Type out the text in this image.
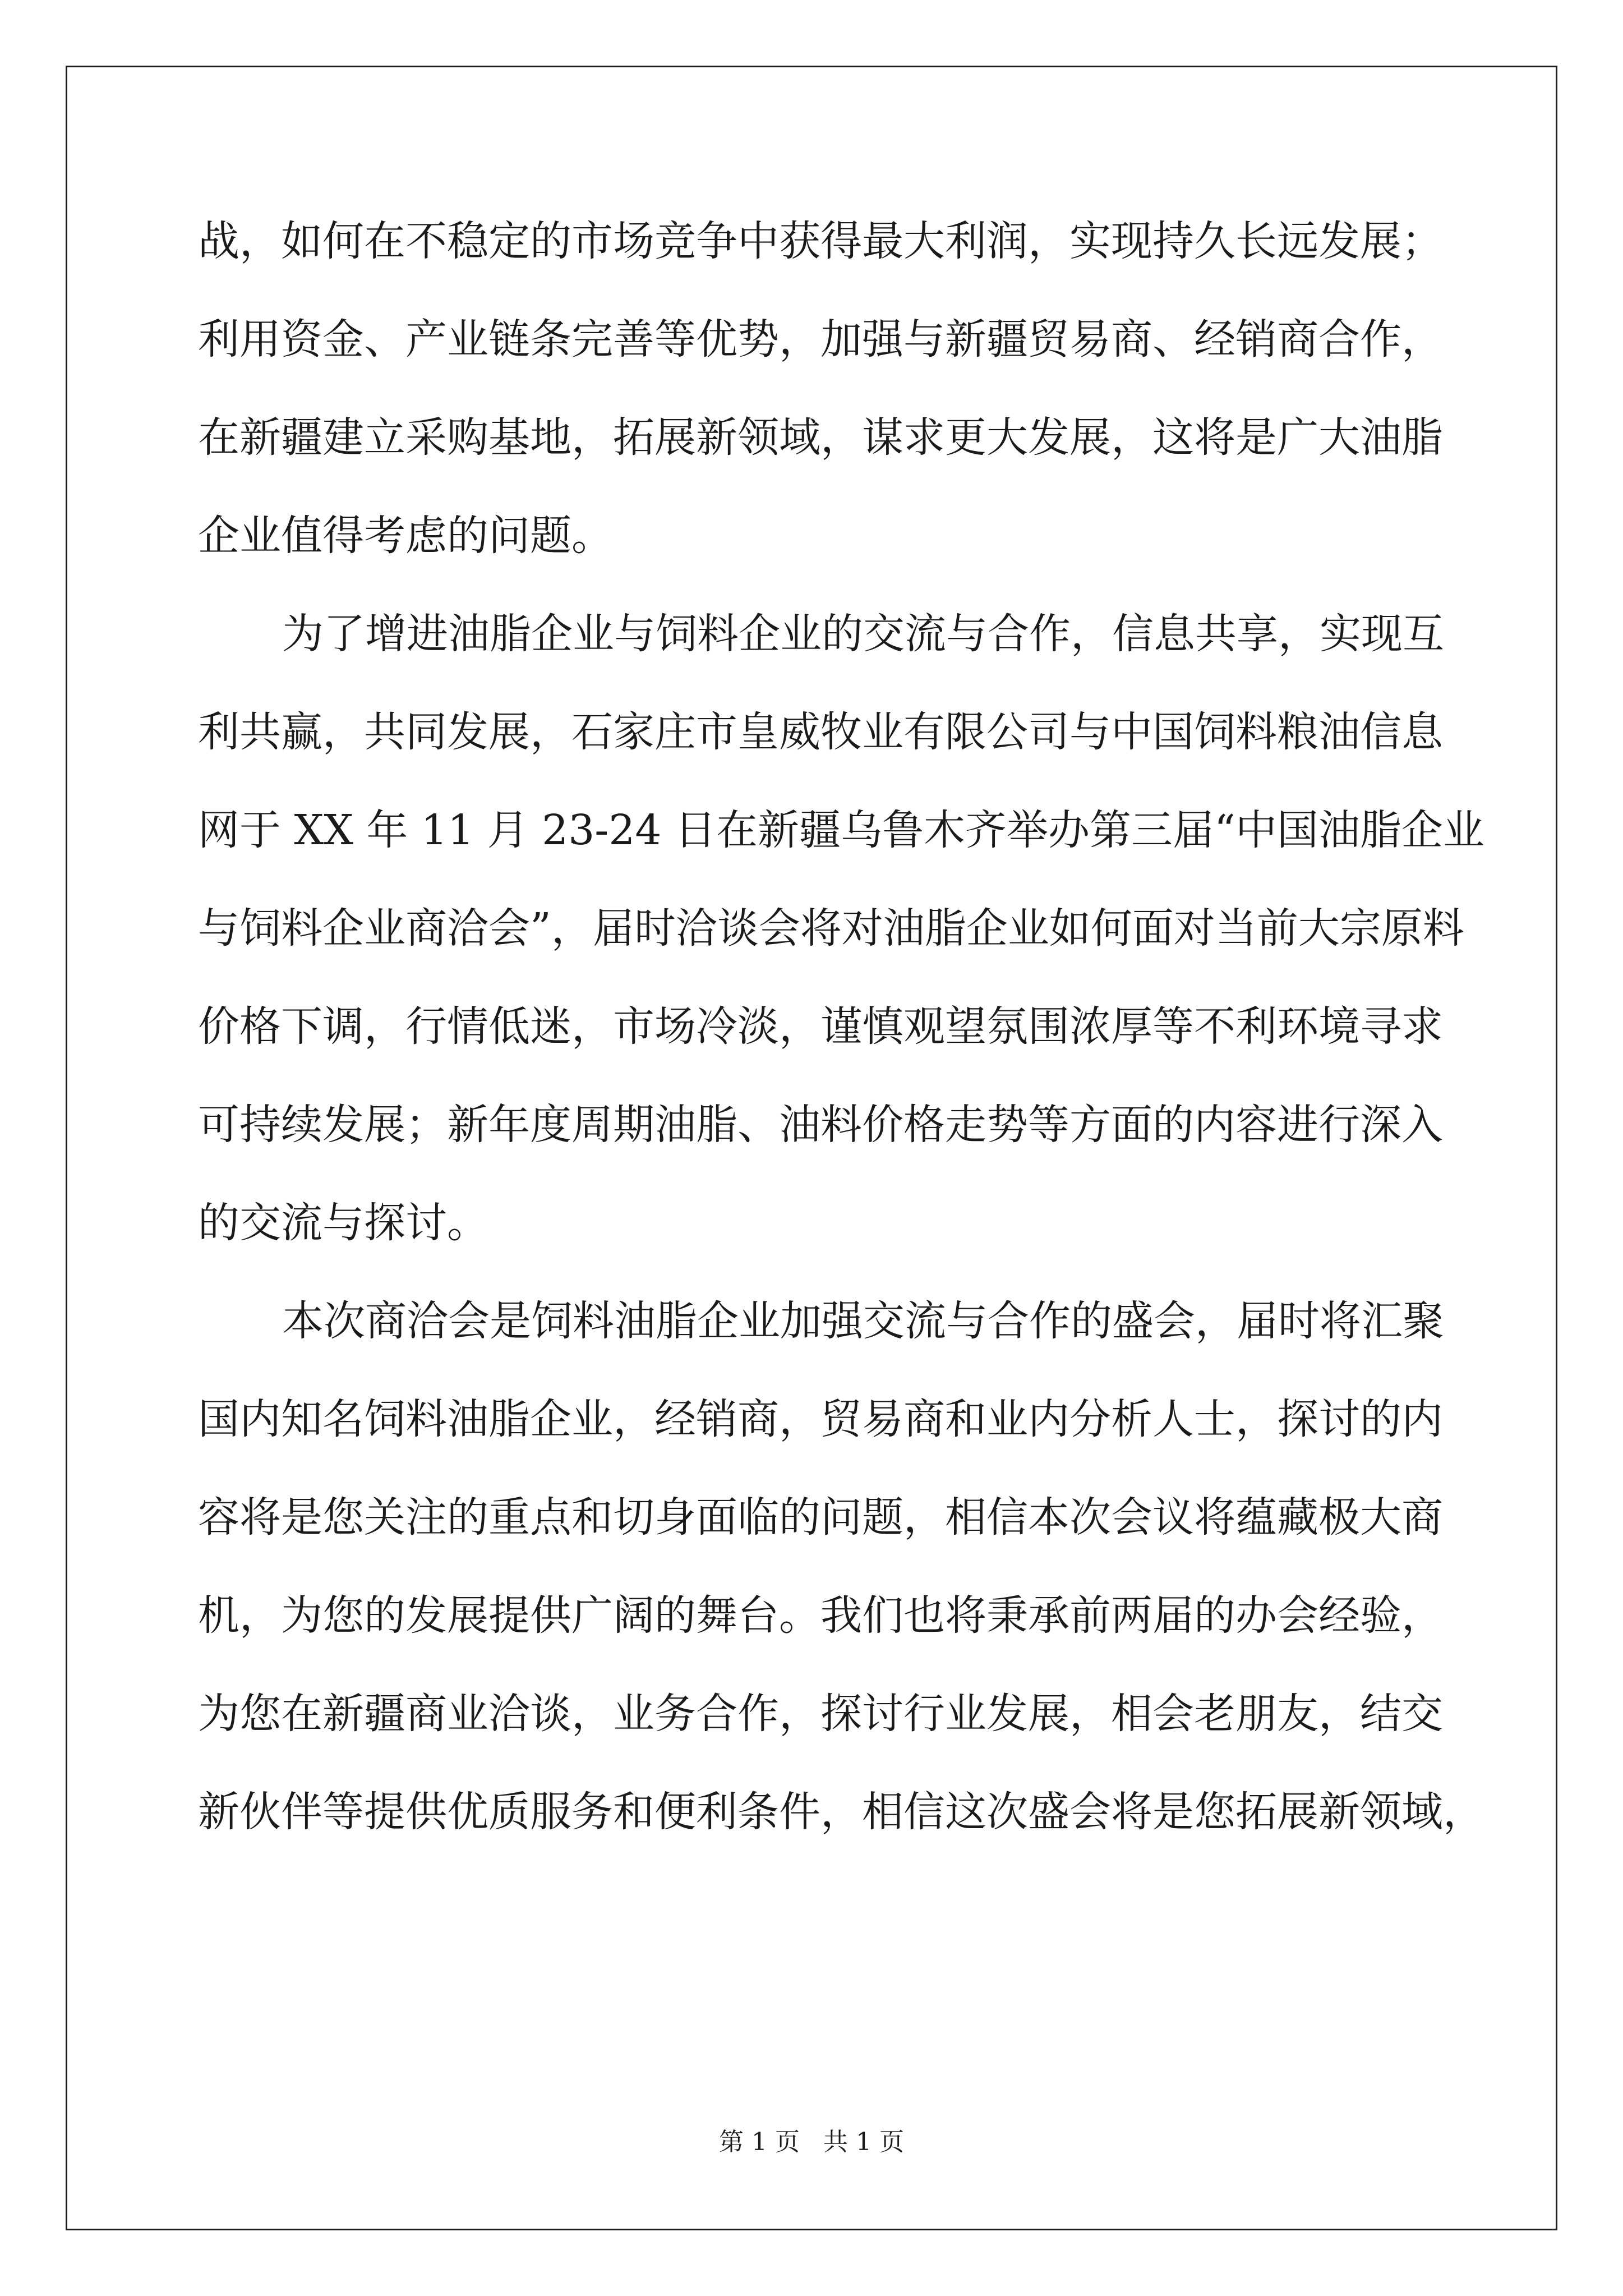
战，如何在不稳定的市场竞争中获得最大利润，实现持久长远发展；
利用资金、产业链条完善等优势，加强与新疆贸易商、经销商合作，
在新疆建立采购基地，拓展新领域，谋求更大发展，这将是广大油脂
企业值得考虑的问题。
为了增进油脂企业与饲料企业的交流与合作，信息共享，实现互
利共赢，共同发展，石家庄市皇威牧业有限公司与中国饲料粮油信息
网于 XX 年 11 月 23-24 日在新疆乌鲁木齐举办第三届“中国油脂企业
与饲料企业商洽会”，届时洽谈会将对油脂企业如何面对当前大宗原料
价格下调，行情低迷，市场冷淡，谨慎观望氛围浓厚等不利环境寻求
可持续发展；新年度周期油脂、油料价格走势等方面的内容进行深入
的交流与探讨。
本次商洽会是饲料油脂企业加强交流与合作的盛会，届时将汇聚
国内知名饲料油脂企业，经销商，贸易商和业内分析人士，探讨的内
容将是您关注的重点和切身面临的问题，相信本次会议将蕴藏极大商
机，为您的发展提供广阔的舞台。我们也将秉承前两届的办会经验，
为您在新疆商业洽谈，业务合作，探讨行业发展，相会老朋友，结交
新伙伴等提供优质服务和便利条件，相信这次盛会将是您拓展新领域，
第 1 页   共 1 页
